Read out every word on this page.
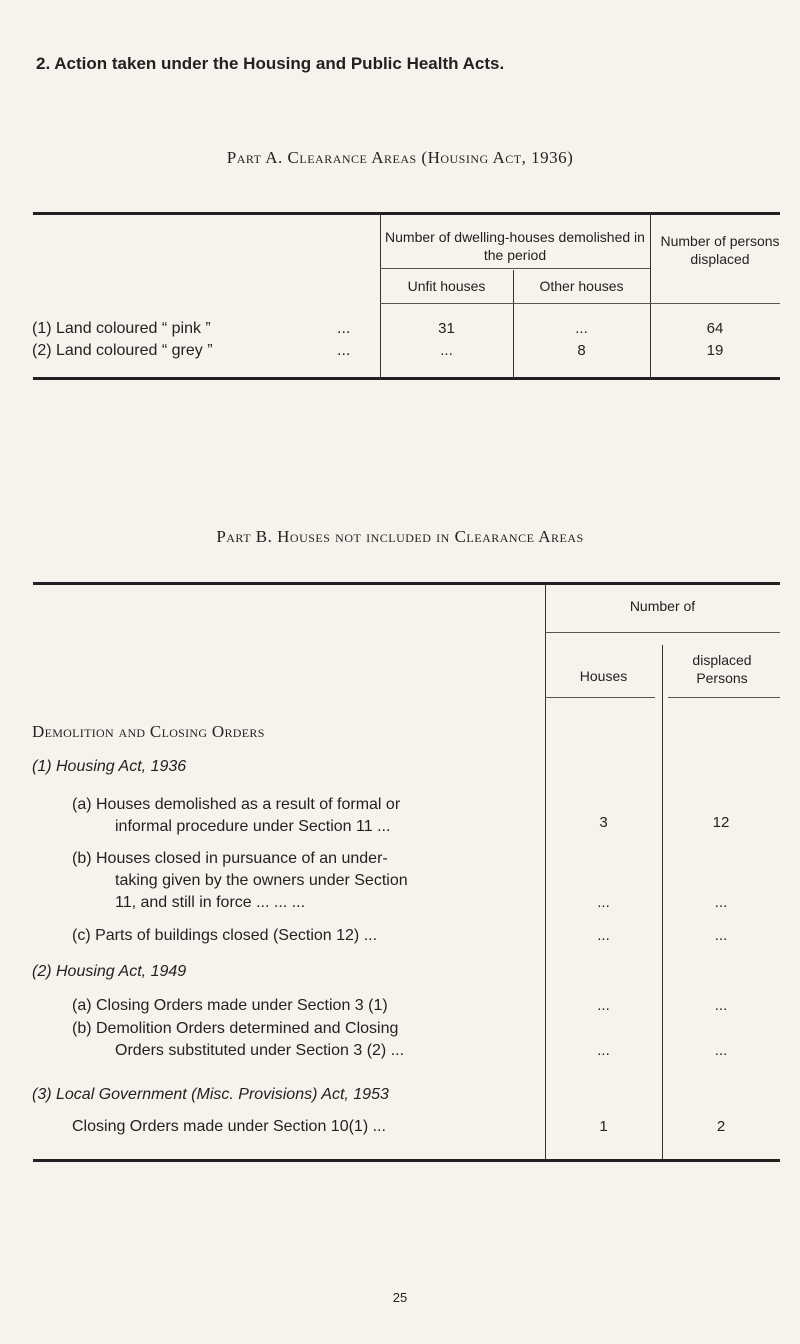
2. Action taken under the Housing and Public Health Acts.
Part A. Clearance Areas (Housing Act, 1936)
Number of dwelling-houses demolished in the period
Unfit houses	Other houses
Number of persons displaced
(1) Land coloured “ pink ”	...	31	...	64
(2) Land coloured “ grey ”	...	...	8	19
Part B. Houses not included in Clearance Areas
Number of
Houses
displaced Persons
Demolition and Closing Orders
(1) Housing Act, 1936
(a) Houses demolished as a result of formal or
informal procedure under Section 11 ...	3	12
(b) Houses closed in pursuance of an under-
taking given by the owners under Section
11, and still in force ... ... ...	...	...
(c) Parts of buildings closed (Section 12) ...	...	...
(2) Housing Act, 1949
(a) Closing Orders made under Section 3 (1)	...	...
(b) Demolition Orders determined and Closing
Orders substituted under Section 3 (2) ...	...	...
(3) Local Government (Misc. Provisions) Act, 1953
Closing Orders made under Section 10(1) ...	1	2
25
